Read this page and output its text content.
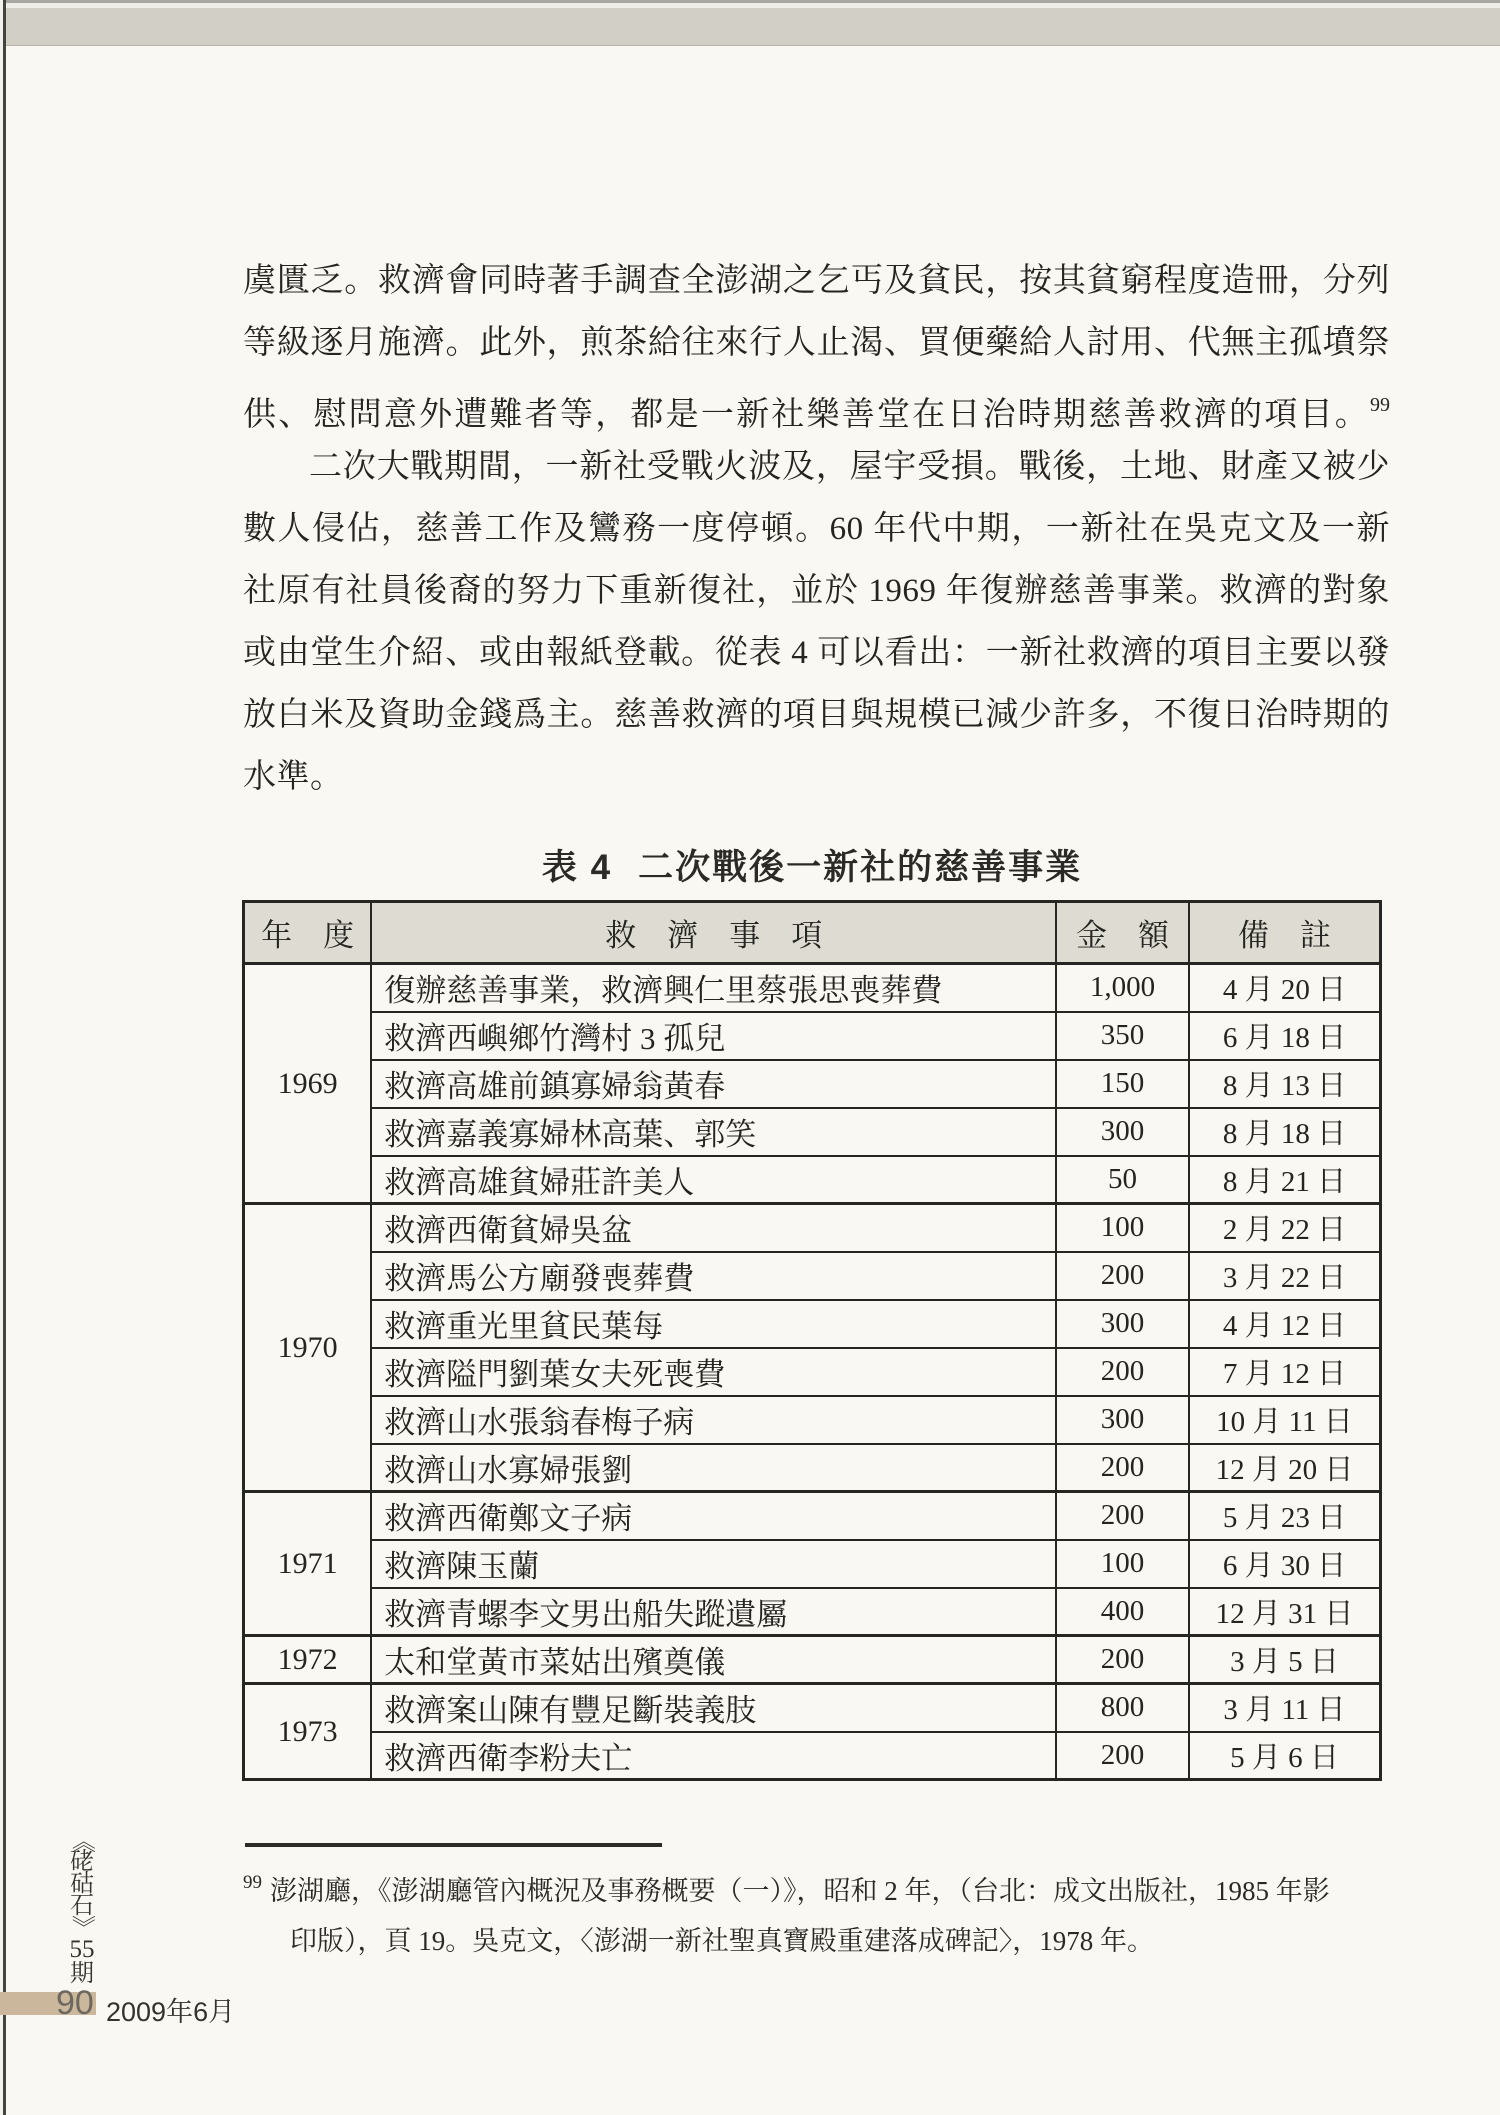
虞匱乏。救濟會同時著手調查全澎湖之乞丐及貧民，按其貧窮程度造冊，分列
等級逐月施濟。此外，煎茶給往來行人止渴、買便藥給人討用、代無主孤墳祭
供、慰問意外遭難者等，都是一新社樂善堂在日治時期慈善救濟的項目。$^{99}$
二次大戰期間，一新社受戰火波及，屋宇受損。戰後，土地、財產又被少
數人侵佔，慈善工作及鸞務一度停頓。60 年代中期，一新社在吳克文及一新
社原有社員後裔的努力下重新復社，並於 1969 年復辦慈善事業。救濟的對象
或由堂生介紹、或由報紙登載。從表 4 可以看出：一新社救濟的項目主要以發
放白米及資助金錢爲主。慈善救濟的項目與規模已減少許多，不復日治時期的
水準。
表 4 二次戰後一新社的慈善事業
年　度	救　濟　事　項	金　額	備　註
1969	復辦慈善事業，救濟興仁里蔡張思喪葬費	1,000	4 月 20 日
	救濟西嶼鄉竹灣村 3 孤兒	350	6 月 18 日
	救濟高雄前鎮寡婦翁黃春	150	8 月 13 日
	救濟嘉義寡婦林高葉、郭笑	300	8 月 18 日
	救濟高雄貧婦莊許美人	50	8 月 21 日
1970	救濟西衛貧婦吳盆	100	2 月 22 日
	救濟馬公方廟發喪葬費	200	3 月 22 日
	救濟重光里貧民葉每	300	4 月 12 日
	救濟隘門劉葉女夫死喪費	200	7 月 12 日
	救濟山水張翁春梅子病	300	10 月 11 日
	救濟山水寡婦張劉	200	12 月 20 日
1971	救濟西衛鄭文子病	200	5 月 23 日
	救濟陳玉蘭	100	6 月 30 日
	救濟青螺李文男出船失蹤遺屬	400	12 月 31 日
1972	太和堂黃市菜姑出殯奠儀	200	3 月 5 日
1973	救濟案山陳有豐足斷裝義肢	800	3 月 11 日
	救濟西衛李粉夫亡	200	5 月 6 日
$^{99}$ 澎湖廳，《澎湖廳管內概況及事務概要（一）》，昭和 2 年，（台北：成文出版社，1985 年影
印版），頁 19。吳克文，〈澎湖一新社聖真寶殿重建落成碑記〉，1978 年。
《
硓
𥑮
石
》
55
期
90 2009年6月
